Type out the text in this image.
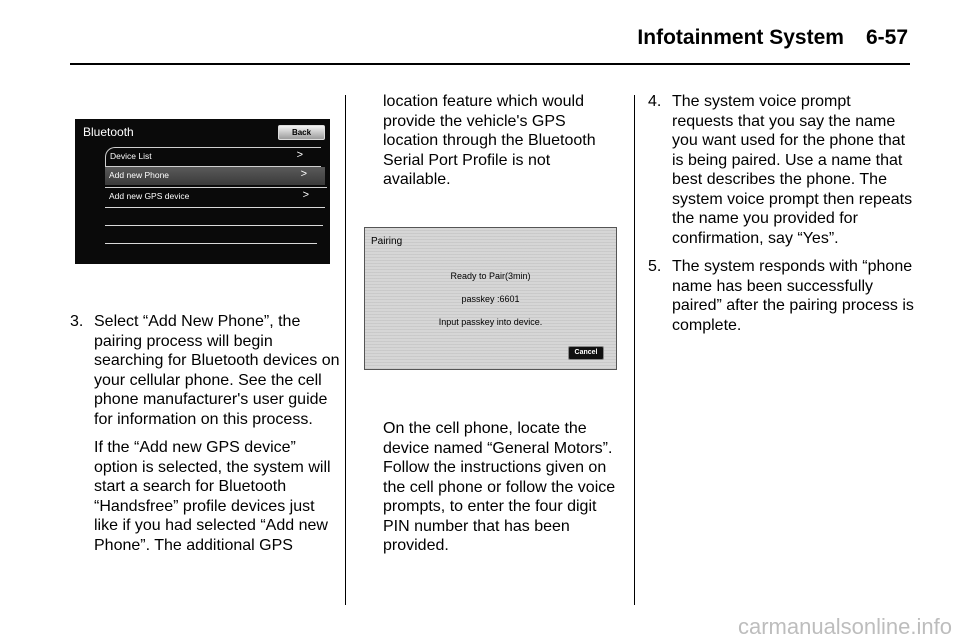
Infotainment System 6-57
Bluetooth	Back
Device List	>
Add new Phone	>
Add new GPS device	>

3. Select “Add New Phone”, the pairing process will begin searching for Bluetooth devices on your cellular phone. See the cell phone manufacturer's user guide for information on this process.

If the “Add new GPS device” option is selected, the system will start a search for Bluetooth “Handsfree” profile devices just like if you had selected “Add new Phone”. The additional GPS

location feature which would provide the vehicle's GPS location through the Bluetooth Serial Port Profile is not available.

Pairing
Ready to Pair(3min)
passkey :6601
Input passkey into device.
Cancel

On the cell phone, locate the device named “General Motors”. Follow the instructions given on the cell phone or follow the voice prompts, to enter the four digit PIN number that has been provided.

4. The system voice prompt requests that you say the name you want used for the phone that is being paired. Use a name that best describes the phone. The system voice prompt then repeats the name you provided for confirmation, say “Yes”.

5. The system responds with “phone name has been successfully paired” after the pairing process is complete.

carmanualsonline.info
